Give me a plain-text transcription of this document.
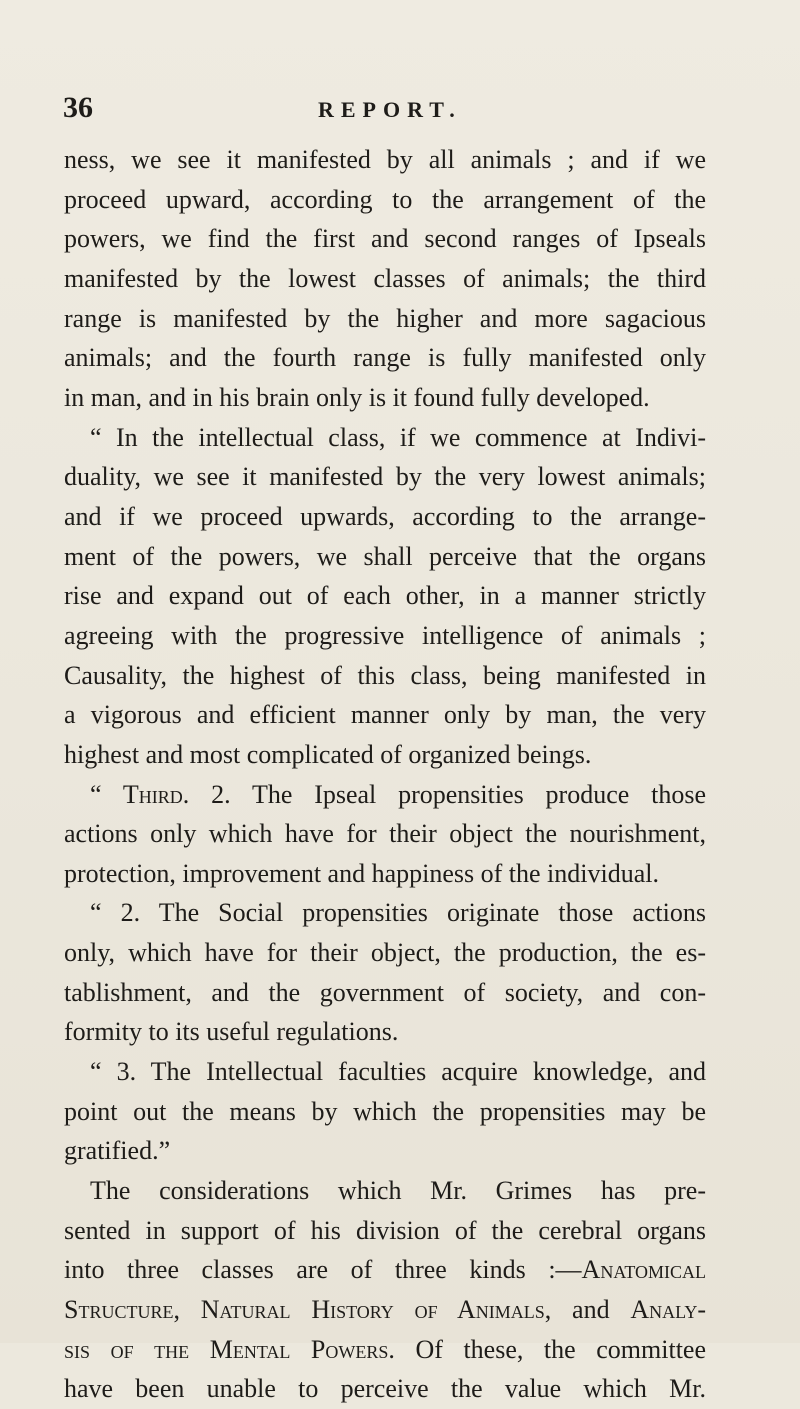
36	REPORT.
ness, we see it manifested by all animals ; and if we
proceed upward, according to the arrangement of the
powers, we find the first and second ranges of Ipseals
manifested by the lowest classes of animals; the third
range is manifested by the higher and more sagacious
animals; and the fourth range is fully manifested only
in man, and in his brain only is it found fully developed.
“ In the intellectual class, if we commence at Indivi-
duality, we see it manifested by the very lowest animals;
and if we proceed upwards, according to the arrange-
ment of the powers, we shall perceive that the organs
rise and expand out of each other, in a manner strictly
agreeing with the progressive intelligence of animals ;
Causality, the highest of this class, being manifested in
a vigorous and efficient manner only by man, the very
highest and most complicated of organized beings.
“ Third. 2. The Ipseal propensities produce those
actions only which have for their object the nourishment,
protection, improvement and happiness of the individual.
“ 2. The Social propensities originate those actions
only, which have for their object, the production, the es-
tablishment, and the government of society, and con-
formity to its useful regulations.
“ 3. The Intellectual faculties acquire knowledge, and
point out the means by which the propensities may be
gratified.”
The considerations which Mr. Grimes has pre-
sented in support of his division of the cerebral organs
into three classes are of three kinds :—Anatomical
Structure, Natural History of Animals, and Analy-
sis of the Mental Powers. Of these, the committee
have been unable to perceive the value which Mr.
